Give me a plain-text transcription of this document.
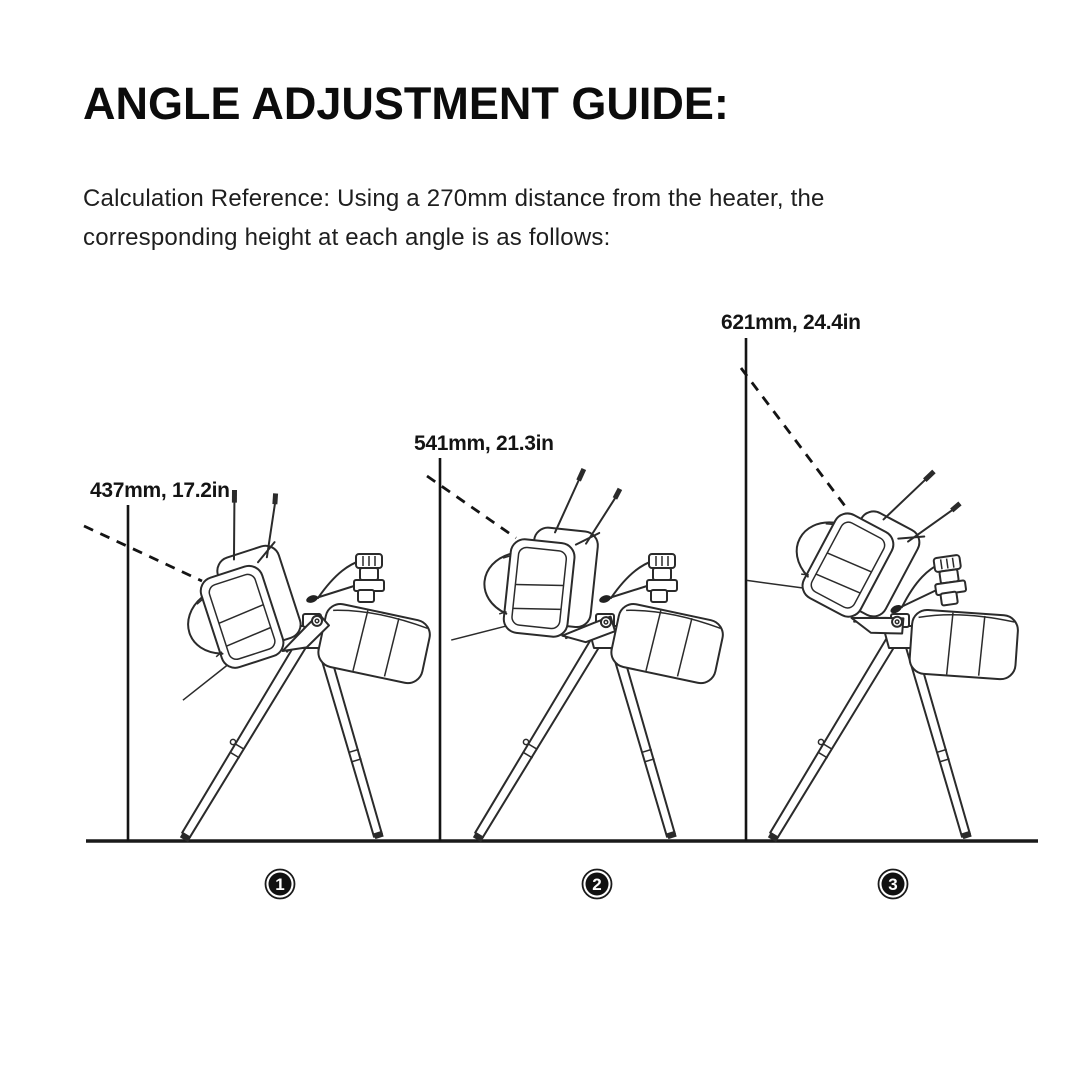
ANGLE ADJUSTMENT GUIDE:
Calculation Reference: Using a 270mm distance from the heater, the
corresponding height at each angle is as follows:
437mm, 17.2in
541mm, 21.3in
621mm, 24.4in
1	2	3
